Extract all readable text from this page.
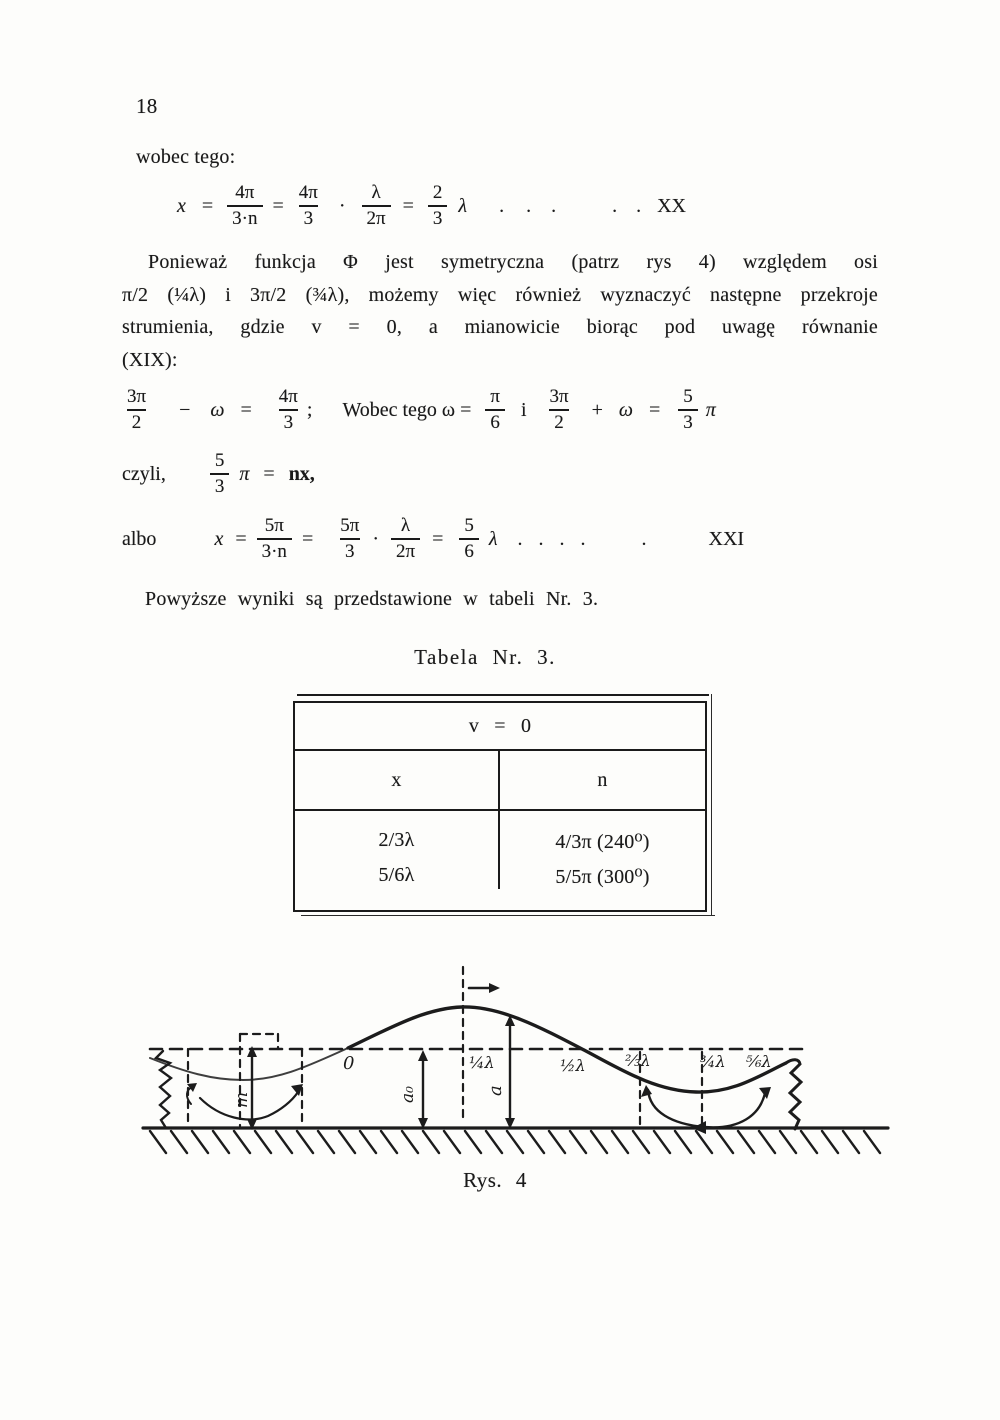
18
wobec tego:
$x = \frac{4\pi}{3\cdot n} = \frac{4\pi}{3} \cdot \frac{\lambda}{2\pi} = \frac{2}{3}$ λ . . .	. . XX
Ponieważ funkcja Φ jest symetryczna (patrz rys 4) względem osi
π/2 (¼λ) i 3π/2 (¾λ), możemy więc również wyznaczyć następne przekroje
strumienia, gdzie v = 0, a mianowicie biorąc pod uwagę równanie
(XIX):
$\frac{3\pi}{2} - \omega = \frac{4\pi}{3}$ ; Wobec tego $\omega = \frac{\pi}{6}$ i $\frac{3\pi}{2} + \omega = \frac{5}{3}$ π
czyli, $\frac{5}{3}$ π = nx,
albo	$x = \frac{5\pi}{3\cdot n} = \frac{5\pi}{3} \cdot \frac{\lambda}{2\pi} = \frac{5}{6}$ λ . . . .	.	XXI
Powyższe wyniki są przedstawione w tabeli Nr. 3.
Tabela Nr. 3.
v = 0
x	n
2/3λ	4/3π (240⁰)
5/6λ	5/5π (300⁰)
0	¼λ	½λ ⅔λ	¾λ ⅚λ
m	a₀	a
Rys. 4
